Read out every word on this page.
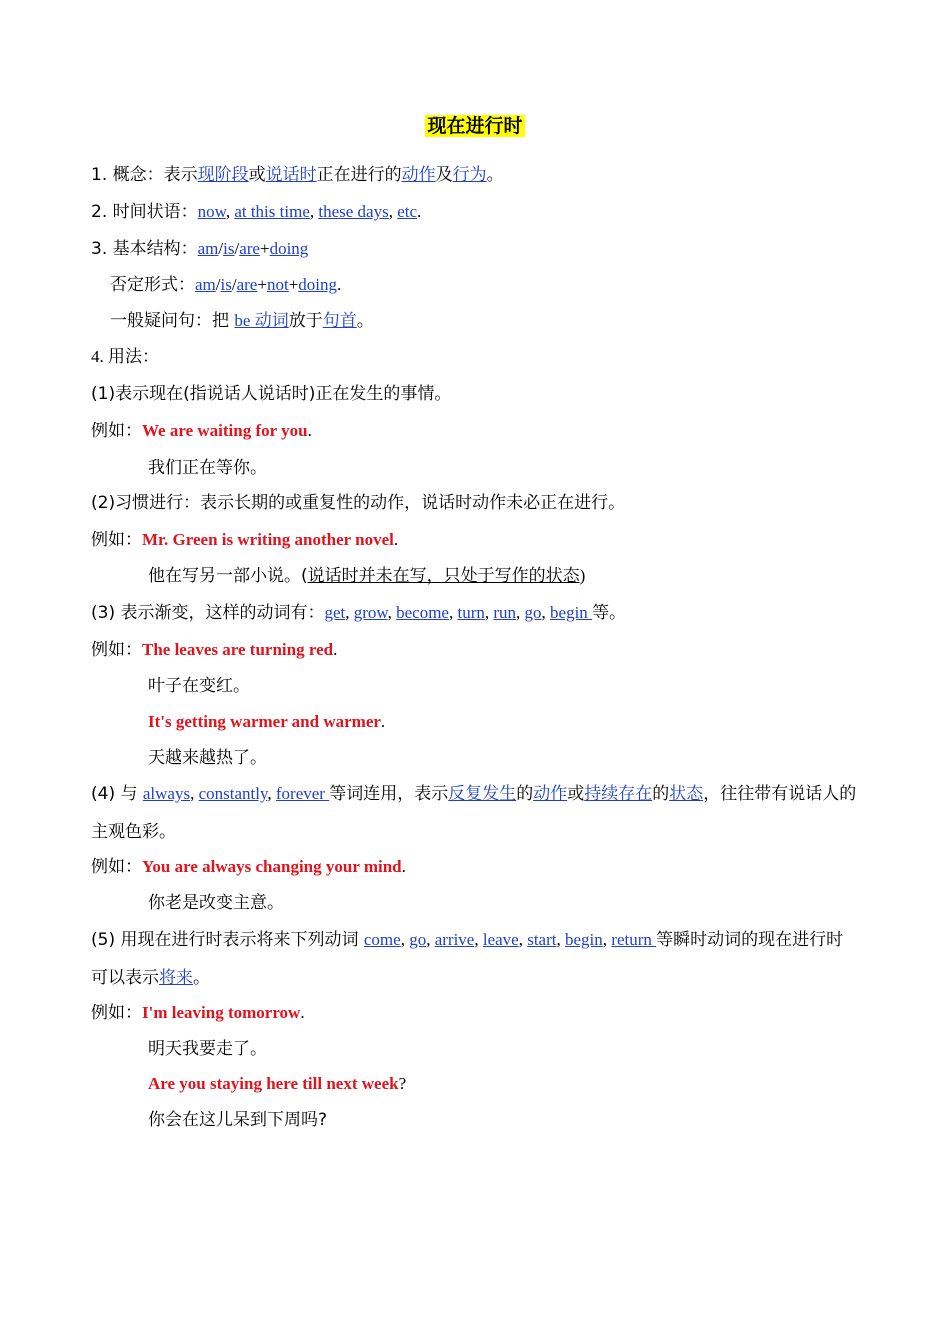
现在进行时
1. 概念：表示现阶段或说话时正在进行的动作及行为。
2. 时间状语：now, at this time, these days, etc.
3. 基本结构：am/is/are+doing
否定形式：am/is/are+not+doing.
一般疑问句：把 be 动词放于句首。
4. 用法：
(1)表示现在(指说话人说话时)正在发生的事情。
例如：We are waiting for you.
我们正在等你。
(2)习惯进行：表示长期的或重复性的动作，说话时动作未必正在进行。
例如：Mr. Green is writing another novel.
他在写另一部小说。(说话时并未在写，只处于写作的状态)
(3) 表示渐变，这样的动词有：get, grow, become, turn, run, go, begin 等。
例如：The leaves are turning red.
叶子在变红。
It's getting warmer and warmer.
天越来越热了。
(4) 与 always, constantly, forever 等词连用，表示反复发生的动作或持续存在的状态，往往带有说话人的主观色彩。
例如：You are always changing your mind.
你老是改变主意。
(5) 用现在进行时表示将来下列动词 come, go, arrive, leave, start, begin, return 等瞬时动词的现在进行时可以表示将来。
例如：I'm leaving tomorrow.
明天我要走了。
Are you staying here till next week?
你会在这儿呆到下周吗?
